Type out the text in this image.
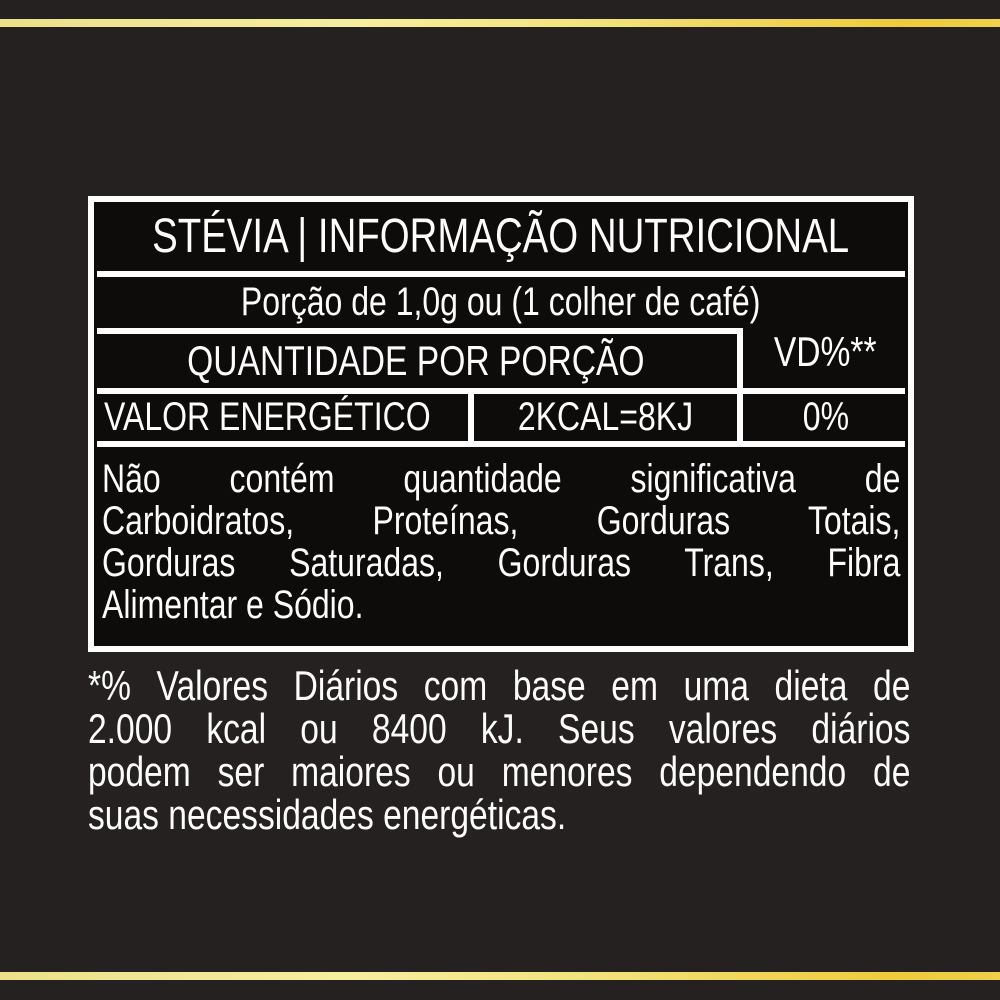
STÉVIA | INFORMAÇÃO NUTRICIONAL
Porção de 1,0g ou (1 colher de café)
QUANTIDADE POR PORÇÃO	VD%**
VALOR ENERGÉTICO 2KCAL=8KJ	0%
Não contém quantidade significativa de
Carboidratos, Proteínas, Gorduras Totais,
Gorduras Saturadas, Gorduras Trans, Fibra
Alimentar e Sódio.
*% Valores Diários com base em uma dieta de
2.000 kcal ou 8400 kJ. Seus valores diários
podem ser maiores ou menores dependendo de
suas necessidades energéticas.
